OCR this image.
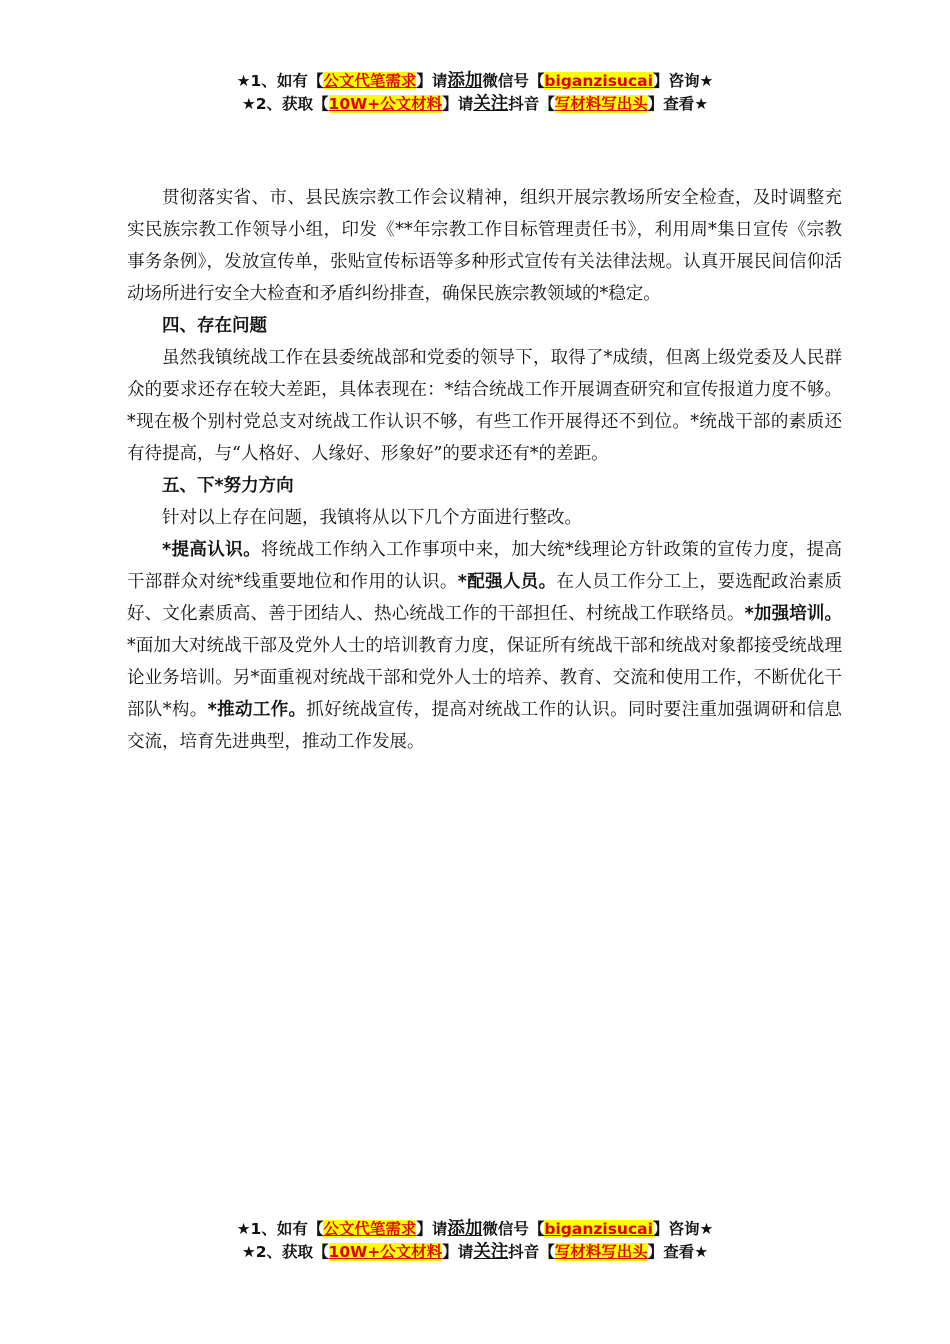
★1、如有【公文代笔需求】请添加微信号【biganzisucai】咨询★
★2、获取【10W+公文材料】请关注抖音【写材料写出头】查看★

贯彻落实省、市、县民族宗教工作会议精神，组织开展宗教场所安全检查，及时调整充实民族宗教工作领导小组，印发《**年宗教工作目标管理责任书》，利用周*集日宣传《宗教事务条例》，发放宣传单，张贴宣传标语等多种形式宣传有关法律法规。认真开展民间信仰活动场所进行安全大检查和矛盾纠纷排查，确保民族宗教领域的*稳定。

四、存在问题

虽然我镇统战工作在县委统战部和党委的领导下，取得了*成绩，但离上级党委及人民群众的要求还存在较大差距，具体表现在：*结合统战工作开展调查研究和宣传报道力度不够。*现在极个别村党总支对统战工作认识不够，有些工作开展得还不到位。*统战干部的素质还有待提高，与“人格好、人缘好、形象好”的要求还有*的差距。

五、下*努力方向

针对以上存在问题，我镇将从以下几个方面进行整改。

*提高认识。将统战工作纳入工作事项中来，加大统*线理论方针政策的宣传力度，提高干部群众对统*线重要地位和作用的认识。*配强人员。在人员工作分工上，要选配政治素质好、文化素质高、善于团结人、热心统战工作的干部担任、村统战工作联络员。*加强培训。*面加大对统战干部及党外人士的培训教育力度，保证所有统战干部和统战对象都接受统战理论业务培训。另*面重视对统战干部和党外人士的培养、教育、交流和使用工作，不断优化干部队*构。*推动工作。抓好统战宣传，提高对统战工作的认识。同时要注重加强调研和信息交流，培育先进典型，推动工作发展。

★1、如有【公文代笔需求】请添加微信号【biganzisucai】咨询★
★2、获取【10W+公文材料】请关注抖音【写材料写出头】查看★
